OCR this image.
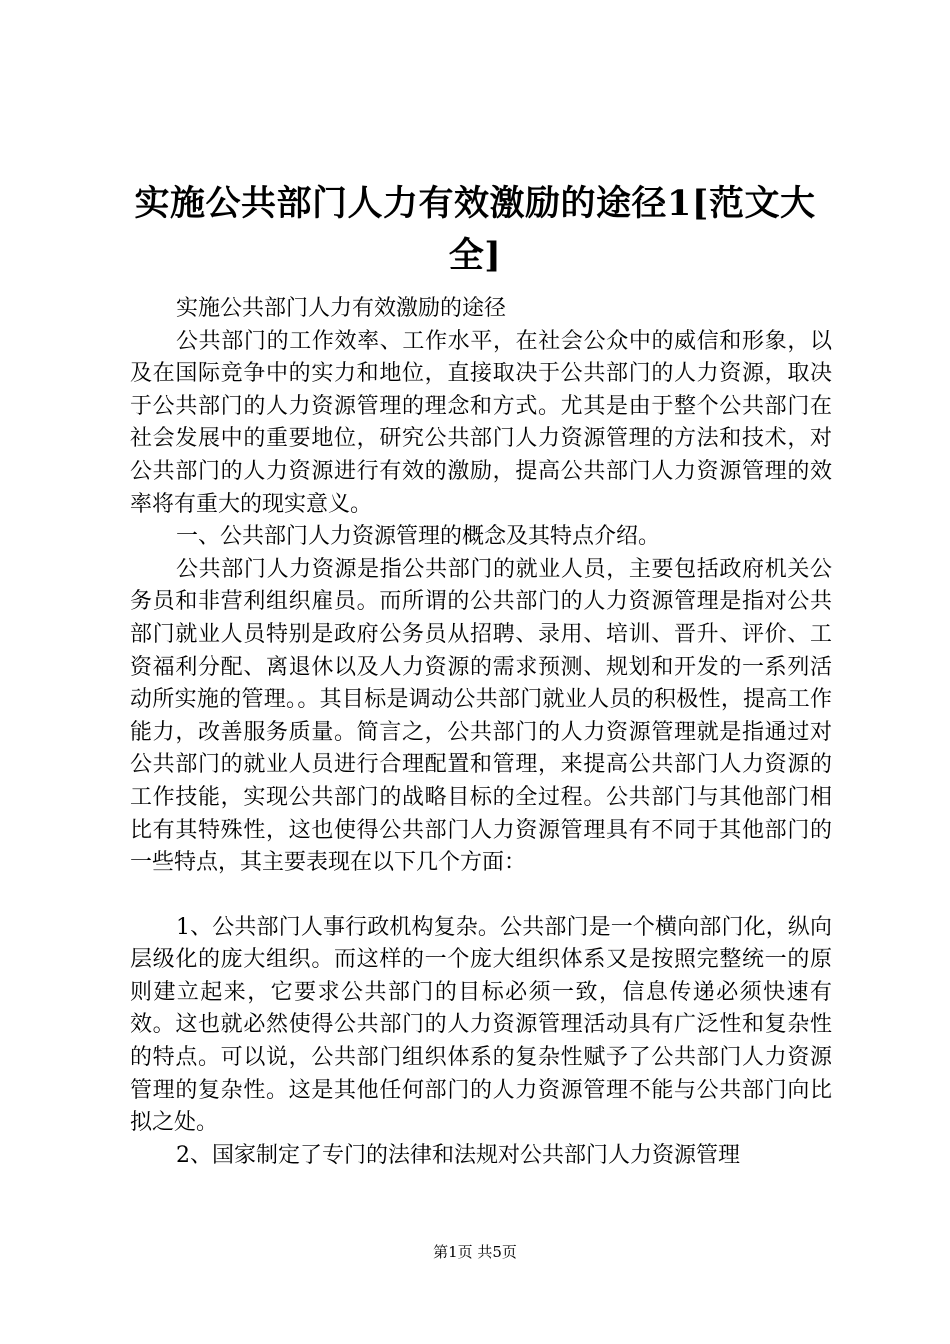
实施公共部门人力有效激励的途径1[范文大全]

实施公共部门人力有效激励的途径

公共部门的工作效率、工作水平，在社会公众中的威信和形象，以及在国际竞争中的实力和地位，直接取决于公共部门的人力资源，取决于公共部门的人力资源管理的理念和方式。尤其是由于整个公共部门在社会发展中的重要地位，研究公共部门人力资源管理的方法和技术，对公共部门的人力资源进行有效的激励，提高公共部门人力资源管理的效率将有重大的现实意义。

一、公共部门人力资源管理的概念及其特点介绍。

公共部门人力资源是指公共部门的就业人员，主要包括政府机关公务员和非营利组织雇员。而所谓的公共部门的人力资源管理是指对公共部门就业人员特别是政府公务员从招聘、录用、培训、晋升、评价、工资福利分配、离退休以及人力资源的需求预测、规划和开发的一系列活动所实施的管理。。其目标是调动公共部门就业人员的积极性，提高工作能力，改善服务质量。简言之，公共部门的人力资源管理就是指通过对公共部门的就业人员进行合理配置和管理，来提高公共部门人力资源的工作技能，实现公共部门的战略目标的全过程。公共部门与其他部门相比有其特殊性，这也使得公共部门人力资源管理具有不同于其他部门的一些特点，其主要表现在以下几个方面：

1、公共部门人事行政机构复杂。公共部门是一个横向部门化，纵向层级化的庞大组织。而这样的一个庞大组织体系又是按照完整统一的原则建立起来，它要求公共部门的目标必须一致，信息传递必须快速有效。这也就必然使得公共部门的人力资源管理活动具有广泛性和复杂性的特点。可以说，公共部门组织体系的复杂性赋予了公共部门人力资源管理的复杂性。这是其他任何部门的人力资源管理不能与公共部门向比拟之处。

2、国家制定了专门的法律和法规对公共部门人力资源管理

第1页 共5页
